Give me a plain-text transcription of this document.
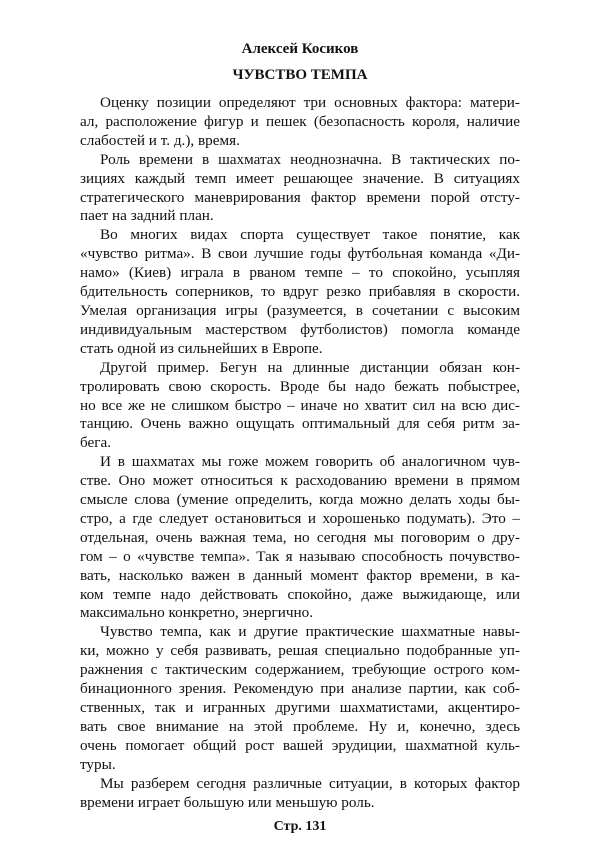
Алексей Косиков
ЧУВСТВО ТЕМПА
Оценку позиции определяют три основных фактора: матери-
ал, расположение фигур и пешек (безопасность короля, наличие
слабостей и т. д.), время.
Роль времени в шахматах неоднозначна. В тактических по-
зициях каждый темп имеет решающее значение. В ситуациях
стратегического маневрирования фактор времени порой отсту-
пает на задний план.
Во многих видах спорта существует такое понятие, как
«чувство ритма». В свои лучшие годы футбольная команда «Ди-
намо» (Киев) играла в рваном темпе – то спокойно, усыпляя
бдительность соперников, то вдруг резко прибавляя в скорости.
Умелая организация игры (разумеется, в сочетании с высоким
индивидуальным мастерством футболистов) помогла команде
стать одной из сильнейших в Европе.
Другой пример. Бегун на длинные дистанции обязан кон-
тролировать свою скорость. Вроде бы надо бежать побыстрее,
но все же не слишком быстро – иначе но хватит сил на всю дис-
танцию. Очень важно ощущать оптимальный для себя ритм за-
бега.
И в шахматах мы гоже можем говорить об аналогичном чув-
стве. Оно может относиться к расходованию времени в прямом
смысле слова (умение определить, когда можно делать ходы бы-
стро, а где следует остановиться и хорошенько подумать). Это –
отдельная, очень важная тема, но сегодня мы поговорим о дру-
гом – о «чувстве темпа». Так я называю способность почувство-
вать, насколько важен в данный момент фактор времени, в ка-
ком темпе надо действовать спокойно, даже выжидающе, или
максимально конкретно, энергично.
Чувство темпа, как и другие практические шахматные навы-
ки, можно у себя развивать, решая специально подобранные уп-
ражнения с тактическим содержанием, требующие острого ком-
бинационного зрения. Рекомендую при анализе партии, как соб-
ственных, так и игранных другими шахматистами, акцентиро-
вать свое внимание на этой проблеме. Ну и, конечно, здесь
очень помогает общий рост вашей эрудиции, шахматной куль-
туры.
Мы разберем сегодня различные ситуации, в которых фактор
времени играет большую или меньшую роль.
Стр. 131
